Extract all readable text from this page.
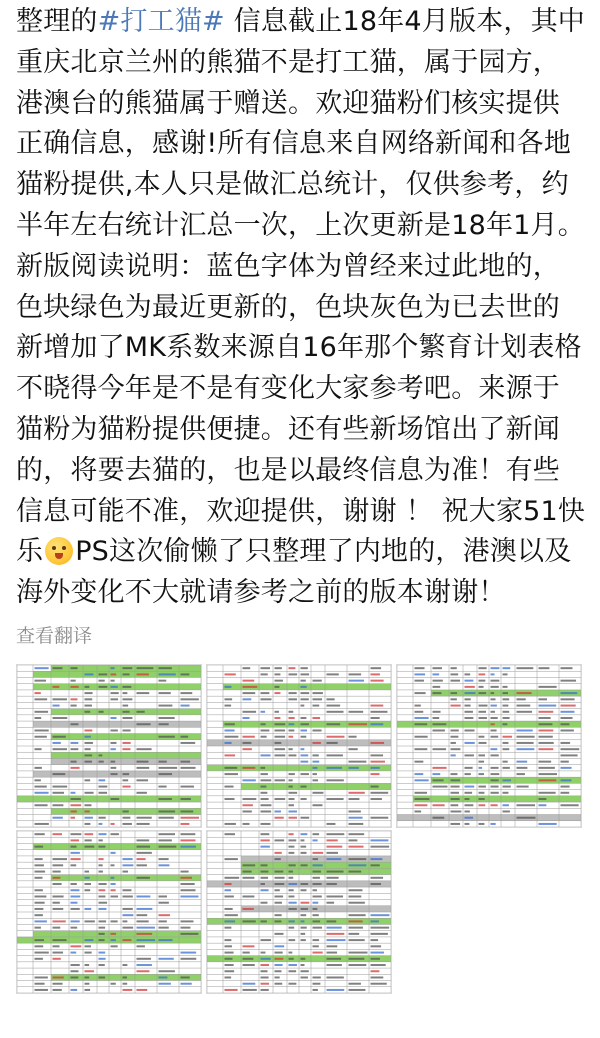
整理的#打工猫# 信息截止18年4月版本，其中
重庆北京兰州的熊猫不是打工猫，属于园方，
港澳台的熊猫属于赠送。欢迎猫粉们核实提供
正确信息，感谢!所有信息来自网络新闻和各地
猫粉提供,本人只是做汇总统计，仅供参考，约
半年左右统计汇总一次，上次更新是18年1月。
新版阅读说明：蓝色字体为曾经来过此地的，
色块绿色为最近更新的，色块灰色为已去世的
新增加了MK系数来源自16年那个繁育计划表格
不晓得今年是不是有变化大家参考吧。来源于
猫粉为猫粉提供便捷。还有些新场馆出了新闻
的，将要去猫的，也是以最终信息为准！有些
信息可能不准，欢迎提供，谢谢 ！ 祝大家51快
乐 PS这次偷懒了只整理了内地的，港澳以及
海外变化不大就请参考之前的版本谢谢！
查看翻译
